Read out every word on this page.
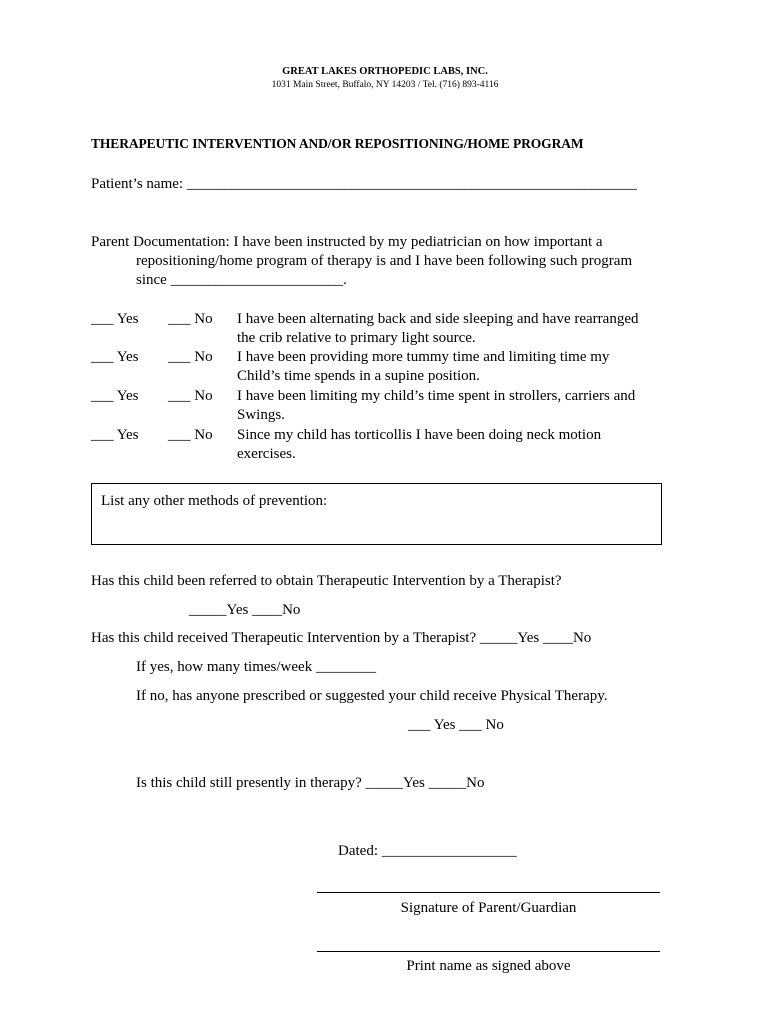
GREAT LAKES ORTHOPEDIC LABS, INC.
1031 Main Street, Buffalo, NY 14203 / Tel. (716) 893-4116
THERAPEUTIC INTERVENTION AND/OR REPOSITIONING/HOME PROGRAM
Patient’s name: ____________________________________________________________
Parent Documentation: I have been instructed by my pediatrician on how important a
repositioning/home program of therapy is and I have been following such program
since _______________________.
___ Yes ___ No I have been alternating back and side sleeping and have rearranged
the crib relative to primary light source.
___ Yes ___ No I have been providing more tummy time and limiting time my
Child’s time spends in a supine position.
___ Yes ___ No I have been limiting my child’s time spent in strollers, carriers and
Swings.
___ Yes ___ No Since my child has torticollis I have been doing neck motion
exercises.
List any other methods of prevention:
Has this child been referred to obtain Therapeutic Intervention by a Therapist?
_____Yes ____No
Has this child received Therapeutic Intervention by a Therapist? _____Yes ____No
If yes, how many times/week ________
If no, has anyone prescribed or suggested your child receive Physical Therapy.
___ Yes ___ No
Is this child still presently in therapy? _____Yes _____No
Dated: __________________
Signature of Parent/Guardian
Print name as signed above
